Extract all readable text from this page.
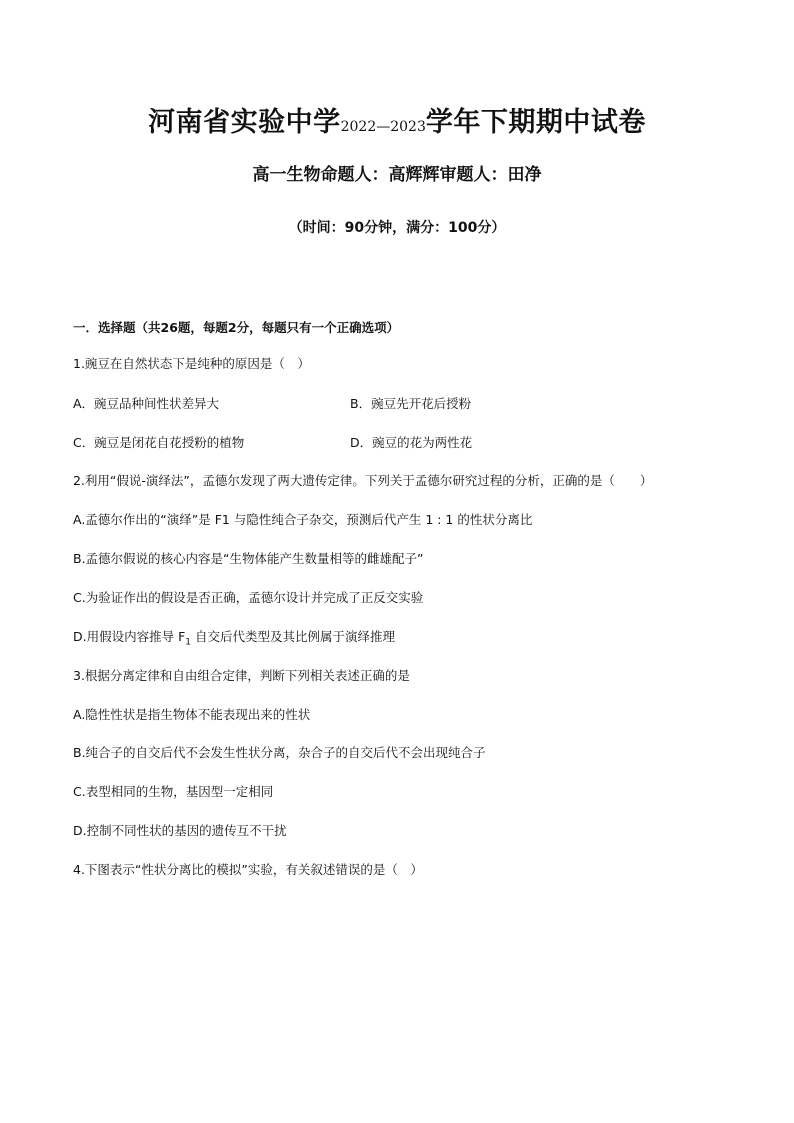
河南省实验中学2022—2023学年下期期中试卷
高一生物命题人：高辉辉审题人：田净
（时间：90分钟，满分：100分）
一．选择题（共26题，每题2分，每题只有一个正确选项）
1.豌豆在自然状态下是纯种的原因是（　）
A．豌豆品种间性状差异大	B．豌豆先开花后授粉
C．豌豆是闭花自花授粉的植物	D．豌豆的花为两性花
2.利用“假说-演绎法”，孟德尔发现了两大遗传定律。下列关于孟德尔研究过程的分析，正确的是（　　）
A.孟德尔作出的“演绎”是 F1 与隐性纯合子杂交，预测后代产生 1 : 1 的性状分离比
B.孟德尔假说的核心内容是“生物体能产生数量相等的雌雄配子”
C.为验证作出的假设是否正确，孟德尔设计并完成了正反交实验
D.用假设内容推导 $F_1$ 自交后代类型及其比例属于演绎推理
3.根据分离定律和自由组合定律，判断下列相关表述正确的是
A.隐性性状是指生物体不能表现出来的性状
B.纯合子的自交后代不会发生性状分离，杂合子的自交后代不会出现纯合子
C.表型相同的生物，基因型一定相同
D.控制不同性状的基因的遗传互不干扰
4.下图表示“性状分离比的模拟”实验，有关叙述错误的是（　）
